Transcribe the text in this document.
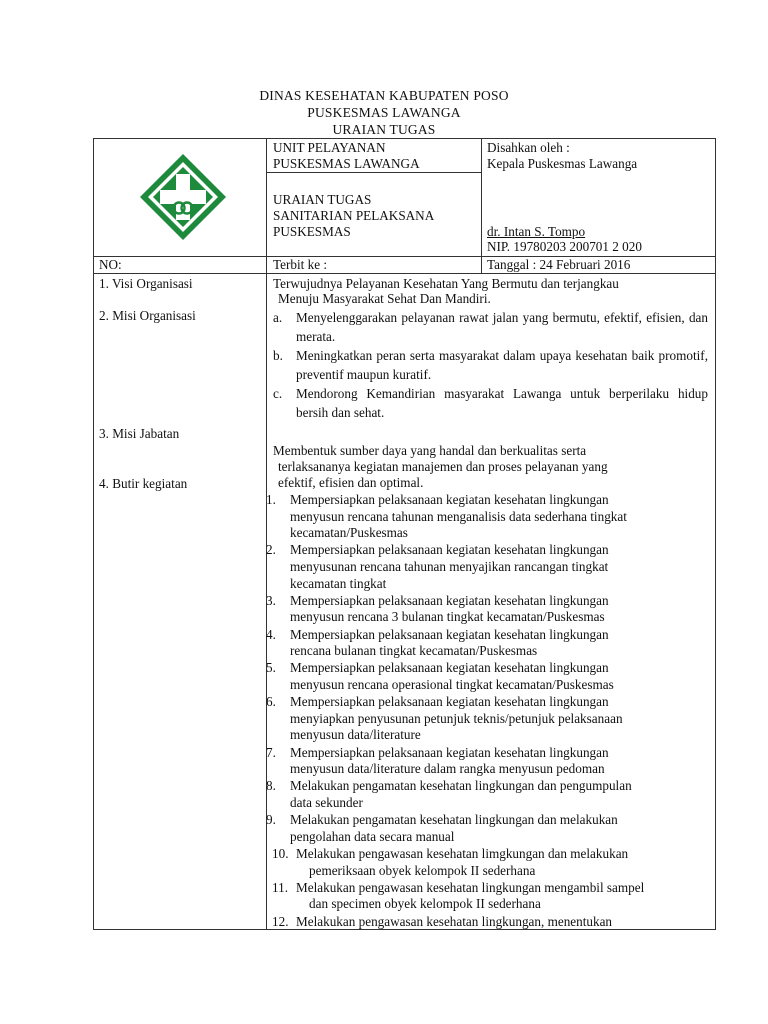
DINAS KESEHATAN KABUPATEN POSO
PUSKESMAS LAWANGA
URAIAN TUGAS
UNIT PELAYANAN
PUSKESMAS LAWANGA
URAIAN TUGAS
SANITARIAN PELAKSANA
PUSKESMAS
Disahkan oleh :
Kepala Puskesmas Lawanga
dr. Intan S. Tompo
NIP. 19780203 200701 2 020
NO:	Terbit ke :	Tanggal : 24 Februari 2016
1. Visi Organisasi
2. Misi Organisasi
3. Misi Jabatan
4. Butir kegiatan
Terwujudnya Pelayanan Kesehatan Yang Bermutu dan terjangkau
Menuju Masyarakat Sehat Dan Mandiri.
a. Menyelenggarakan pelayanan rawat jalan yang bermutu, efektif, efisien, dan merata.
b. Meningkatkan peran serta masyarakat dalam upaya kesehatan baik promotif, preventif maupun kuratif.
c. Mendorong Kemandirian masyarakat Lawanga untuk berperilaku hidup bersih dan sehat.
Membentuk sumber daya yang handal dan berkualitas serta
terlaksananya kegiatan manajemen dan proses pelayanan yang
efektif, efisien dan optimal.
1. Mempersiapkan pelaksanaan kegiatan kesehatan lingkungan
menyusun rencana tahunan menganalisis data sederhana tingkat
kecamatan/Puskesmas
2. Mempersiapkan pelaksanaan kegiatan kesehatan lingkungan
menyusunan rencana tahunan menyajikan rancangan tingkat
kecamatan tingkat
3. Mempersiapkan pelaksanaan kegiatan kesehatan lingkungan
menyusun rencana 3 bulanan tingkat kecamatan/Puskesmas
4. Mempersiapkan pelaksanaan kegiatan kesehatan lingkungan
rencana bulanan tingkat kecamatan/Puskesmas
5. Mempersiapkan pelaksanaan kegiatan kesehatan lingkungan
menyusun rencana operasional tingkat kecamatan/Puskesmas
6. Mempersiapkan pelaksanaan kegiatan kesehatan lingkungan
menyiapkan penyusunan petunjuk teknis/petunjuk pelaksanaan
menyusun data/literature
7. Mempersiapkan pelaksanaan kegiatan kesehatan lingkungan
menyusun data/literature dalam rangka menyusun pedoman
8. Melakukan pengamatan kesehatan lingkungan dan pengumpulan
data sekunder
9. Melakukan pengamatan kesehatan lingkungan dan melakukan
pengolahan data secara manual
10. Melakukan pengawasan kesehatan limgkungan dan melakukan
pemeriksaan obyek kelompok II sederhana
11. Melakukan pengawasan kesehatan lingkungan mengambil sampel
dan specimen obyek kelompok II sederhana
12. Melakukan pengawasan kesehatan lingkungan, menentukan
